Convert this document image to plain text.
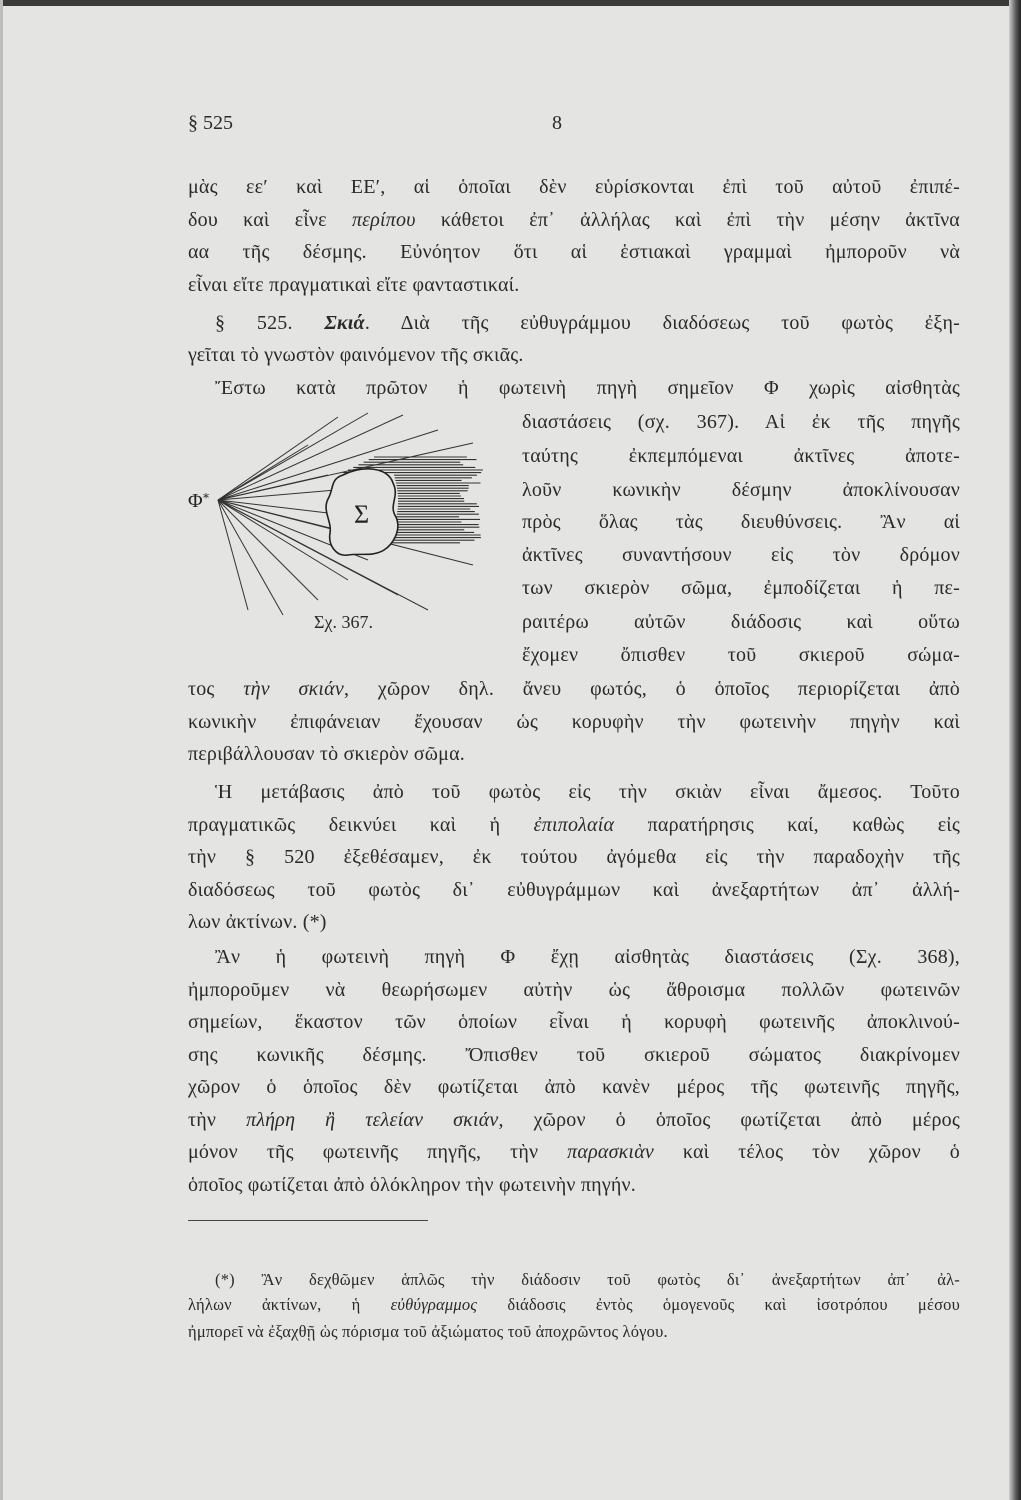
§ 525	8
Σ
Φ *
Σχ. 367.
μὰς εε′ καὶ ΕΕ′, αἱ ὁποῖαι δὲν εὑρίσκονται ἐπὶ τοῦ αὐτοῦ ἐπιπέ-
δου καὶ εἶνε περίπου κάθετοι ἐπ᾽ ἀλλήλας καὶ ἐπὶ τὴν μέσην ἀκτῖνα
αα τῆς δέσμης. Εὐνόητον ὅτι αἱ ἑστιακαὶ γραμμαὶ ἠμποροῦν νὰ
εἶναι εἴτε πραγματικαὶ εἴτε φανταστικαί.
§ 525. Σκιά. Διὰ τῆς εὐθυγράμμου διαδόσεως τοῦ φωτὸς ἐξη-
γεῖται τὸ γνωστὸν φαινόμενον τῆς σκιᾶς.
Ἔστω κατὰ πρῶτον ἡ φωτεινὴ πηγὴ σημεῖον Φ χωρὶς αἰσθητὰς
διαστάσεις (σχ. 367). Αἱ ἐκ τῆς πηγῆς
ταύτης ἐκπεμπόμεναι ἀκτῖνες ἀποτε-
λοῦν κωνικὴν δέσμην ἀποκλίνουσαν
πρὸς ὅλας τὰς διευθύνσεις. Ἂν αἱ
ἀκτῖνες συναντήσουν εἰς τὸν δρόμον
των σκιερὸν σῶμα, ἐμποδίζεται ἡ πε-
ραιτέρω αὐτῶν διάδοσις καὶ οὕτω
ἔχομεν ὄπισθεν τοῦ σκιεροῦ σώμα-
τος τὴν σκιάν, χῶρον δηλ. ἄνευ φωτός, ὁ ὁποῖος περιορίζεται ἀπὸ
κωνικὴν ἐπιφάνειαν ἔχουσαν ὡς κορυφὴν τὴν φωτεινὴν πηγὴν καὶ
περιβάλλουσαν τὸ σκιερὸν σῶμα.
Ἡ μετάβασις ἀπὸ τοῦ φωτὸς εἰς τὴν σκιὰν εἶναι ἄμεσος. Τοῦτο
πραγματικῶς δεικνύει καὶ ἡ ἐπιπολαία παρατήρησις καί, καθὼς εἰς
τὴν § 520 ἐξεθέσαμεν, ἐκ τούτου ἀγόμεθα εἰς τὴν παραδοχὴν τῆς
διαδόσεως τοῦ φωτὸς δι᾽ εὐθυγράμμων καὶ ἀνεξαρτήτων ἀπ᾽ ἀλλή-
λων ἀκτίνων. (*)
Ἂν ἡ φωτεινὴ πηγὴ Φ ἔχῃ αἰσθητὰς διαστάσεις (Σχ. 368),
ἠμποροῦμεν νὰ θεωρήσωμεν αὐτὴν ὡς ἄθροισμα πολλῶν φωτεινῶν
σημείων, ἕκαστον τῶν ὁποίων εἶναι ἡ κορυφὴ φωτεινῆς ἀποκλινού-
σης κωνικῆς δέσμης. Ὄπισθεν τοῦ σκιεροῦ σώματος διακρίνομεν
χῶρον ὁ ὁποῖος δὲν φωτίζεται ἀπὸ κανὲν μέρος τῆς φωτεινῆς πηγῆς,
τὴν πλήρη ἢ τελείαν σκιάν, χῶρον ὁ ὁποῖος φωτίζεται ἀπὸ μέρος
μόνον τῆς φωτεινῆς πηγῆς, τὴν παρασκιὰν καὶ τέλος τὸν χῶρον ὁ
ὁποῖος φωτίζεται ἀπὸ ὁλόκληρον τὴν φωτεινὴν πηγήν.
(*) Ἂν δεχθῶμεν ἁπλῶς τὴν διάδοσιν τοῦ φωτὸς δι᾽ ἀνεξαρτήτων ἀπ᾽ ἀλ-
λήλων ἀκτίνων, ἡ εὐθύγραμμος διάδοσις ἐντὸς ὁμογενοῦς καὶ ἰσοτρόπου μέσου
ἠμπορεῖ νὰ ἐξαχθῇ ὡς πόρισμα τοῦ ἀξιώματος τοῦ ἀποχρῶντος λόγου.
